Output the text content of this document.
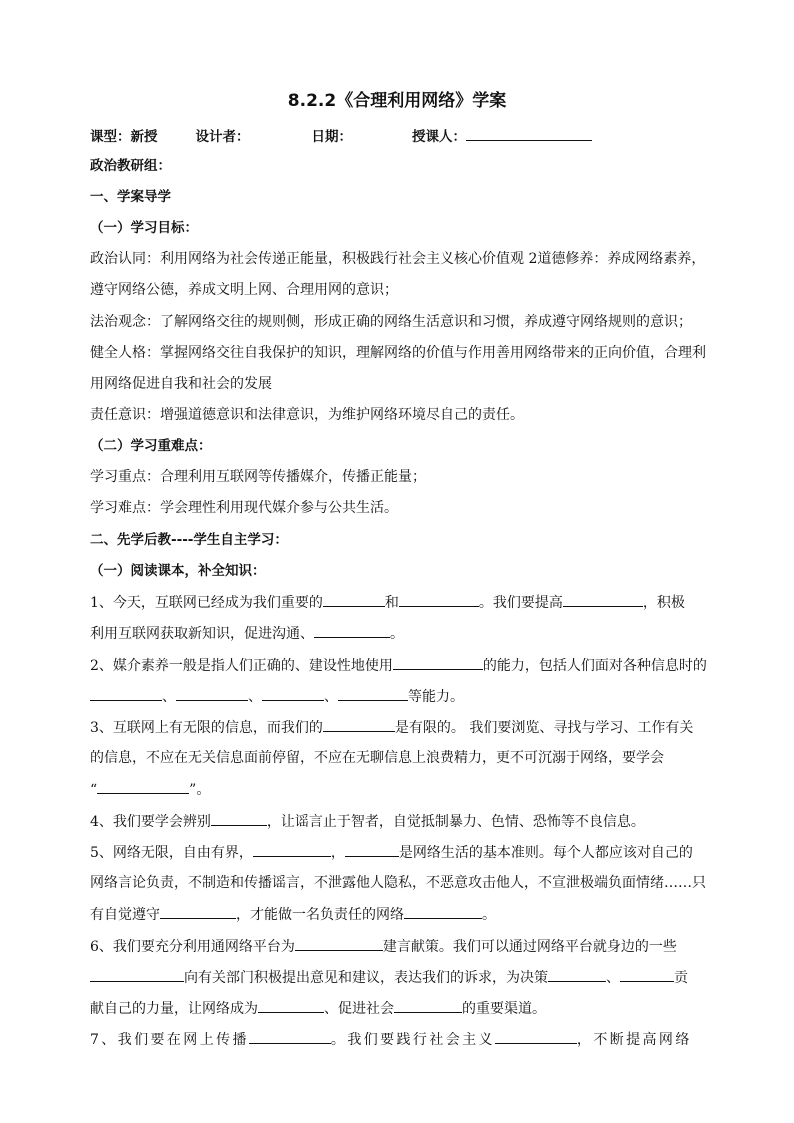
8.2.2《合理利用网络》学案
课型：新授	设计者：	日期：	授课人：
政治教研组：
一、学案导学
（一）学习目标：
政治认同：利用网络为社会传递正能量，积极践行社会主义核心价值观 2道德修养：养成网络素养，
遵守网络公德，养成文明上网、合理用网的意识；
法治观念：了解网络交往的规则侧，形成正确的网络生活意识和习惯，养成遵守网络规则的意识；
健全人格：掌握网络交往自我保护的知识，理解网络的价值与作用善用网络带来的正向价值，合理利
用网络促进自我和社会的发展
责任意识：增强道德意识和法律意识，为维护网络环境尽自己的责任。
（二）学习重难点：
学习重点：合理利用互联网等传播媒介，传播正能量；
学习难点：学会理性利用现代媒介参与公共生活。
二、先学后教----学生自主学习：
（一）阅读课本，补全知识：
1、今天，互联网已经成为我们重要的	和	。我们要提高	，积极
利用互联网获取新知识，促进沟通、	。
2、媒介素养一般是指人们正确的、建设性地使用	的能力，包括人们面对各种信息时的
、	、	、	等能力。
3、互联网上有无限的信息，而我们的	是有限的。 我们要浏览、寻找与学习、工作有关
的信息，不应在无关信息面前停留，不应在无聊信息上浪费精力，更不可沉溺于网络，要学会
“	”。
4、我们要学会辨别	，让谣言止于智者，自觉抵制暴力、色情、恐怖等不良信息。
5、网络无限，自由有界，	，	是网络生活的基本准则。每个人都应该对自己的
网络言论负责，不制造和传播谣言，不泄露他人隐私，不恶意攻击他人，不宣泄极端负面情绪……只
有自觉遵守	，才能做一名负责任的网络	。
6、我们要充分利用通网络平台为	建言献策。我们可以通过网络平台就身边的一些
向有关部门积极提出意见和建议，表达我们的诉求，为决策	、	贡
献自己的力量，让网络成为	、促进社会	的重要渠道。
7、我们要在网上传播	。我们要践行社会主义	，不断提高网络
